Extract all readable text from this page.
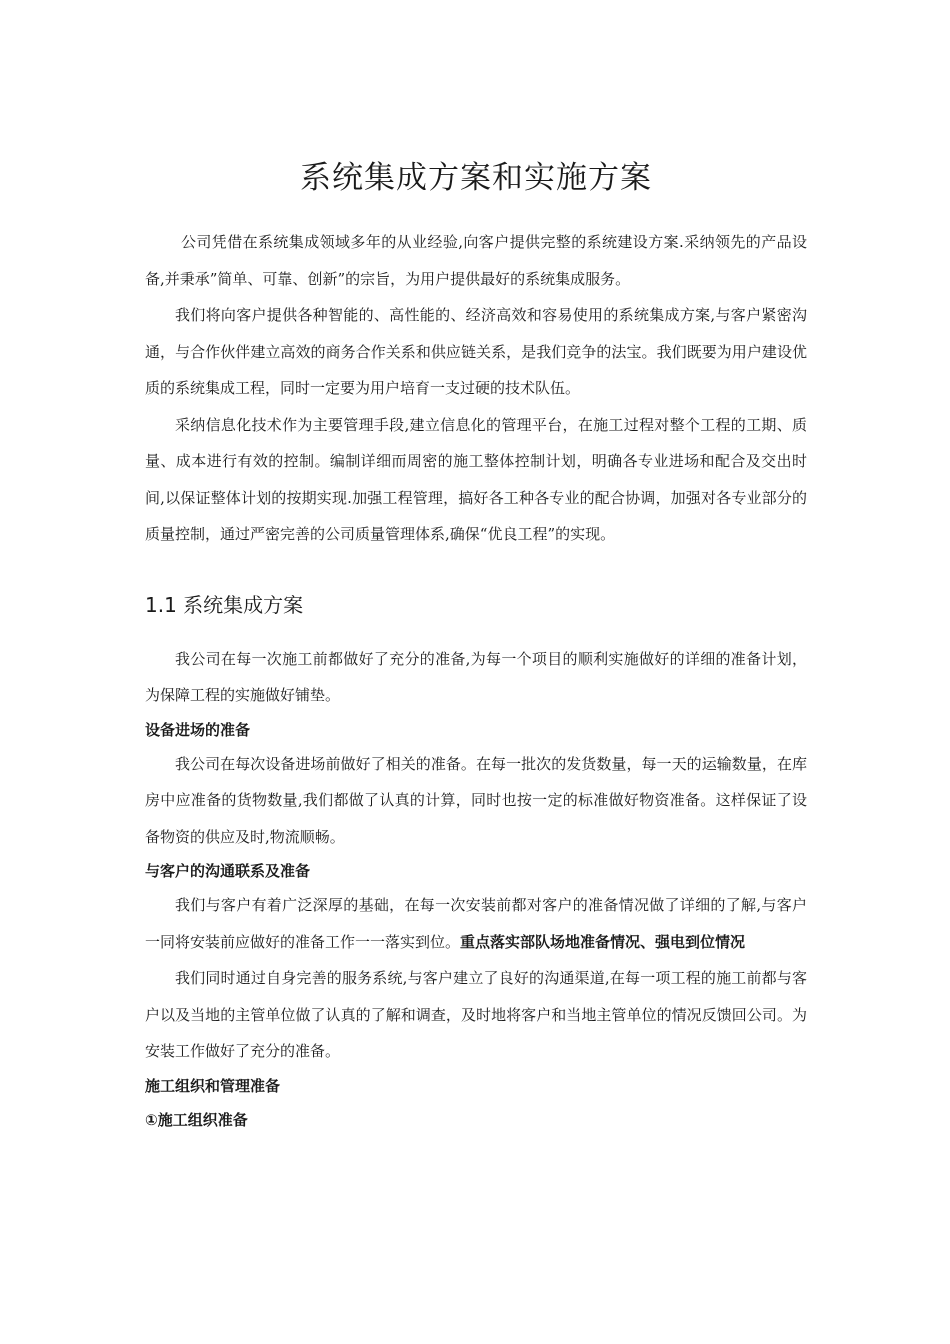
系统集成方案和实施方案

公司凭借在系统集成领域多年的从业经验,向客户提供完整的系统建设方案.采纳领先的产品设备,并秉承”简单、可靠、创新”的宗旨，为用户提供最好的系统集成服务。

我们将向客户提供各种智能的、高性能的、经济高效和容易使用的系统集成方案,与客户紧密沟通，与合作伙伴建立高效的商务合作关系和供应链关系，是我们竞争的法宝。我们既要为用户建设优质的系统集成工程，同时一定要为用户培育一支过硬的技术队伍。

采纳信息化技术作为主要管理手段,建立信息化的管理平台，在施工过程对整个工程的工期、质量、成本进行有效的控制。编制详细而周密的施工整体控制计划，明确各专业进场和配合及交出时间,以保证整体计划的按期实现.加强工程管理，搞好各工种各专业的配合协调，加强对各专业部分的质量控制，通过严密完善的公司质量管理体系,确保“优良工程”的实现。

1.1 系统集成方案

我公司在每一次施工前都做好了充分的准备,为每一个项目的顺利实施做好的详细的准备计划，为保障工程的实施做好铺垫。

设备进场的准备

我公司在每次设备进场前做好了相关的准备。在每一批次的发货数量，每一天的运输数量，在库房中应准备的货物数量,我们都做了认真的计算，同时也按一定的标准做好物资准备。这样保证了设备物资的供应及时,物流顺畅。

与客户的沟通联系及准备

我们与客户有着广泛深厚的基础，在每一次安装前都对客户的准备情况做了详细的了解,与客户一同将安装前应做好的准备工作一一落实到位。重点落实部队场地准备情况、强电到位情况

我们同时通过自身完善的服务系统,与客户建立了良好的沟通渠道,在每一项工程的施工前都与客户以及当地的主管单位做了认真的了解和调查，及时地将客户和当地主管单位的情况反馈回公司。为安装工作做好了充分的准备。

施工组织和管理准备
①施工组织准备
